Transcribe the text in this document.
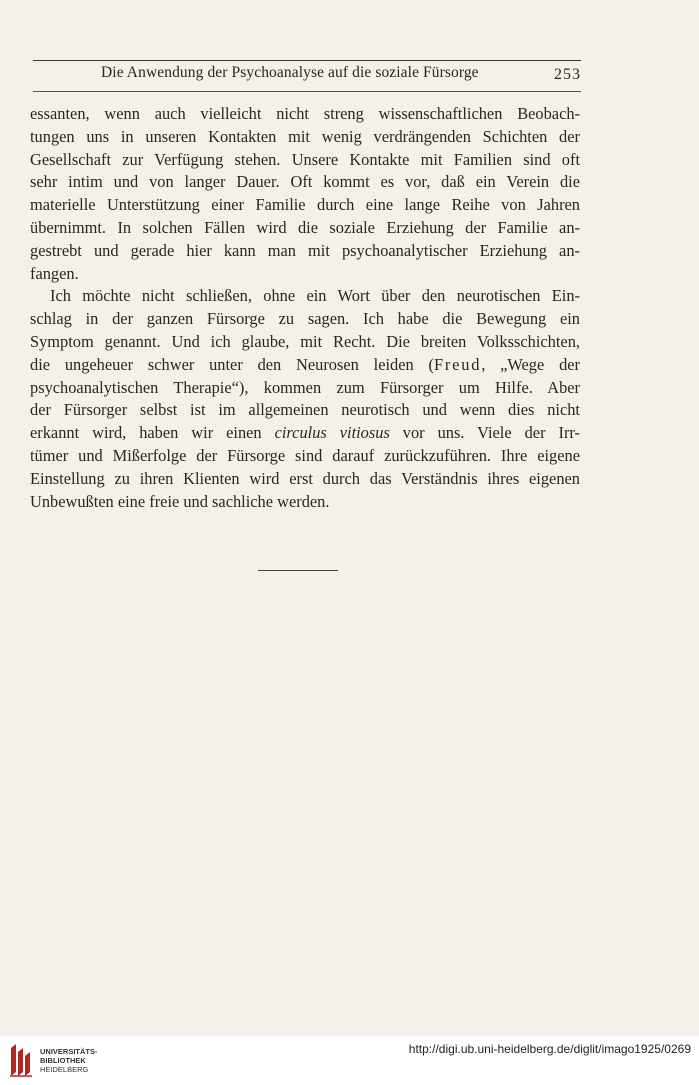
Die Anwendung der Psychoanalyse auf die soziale Fürsorge	253
essanten, wenn auch vielleicht nicht streng wissenschaftlichen Beobach-
tungen uns in unseren Kontakten mit wenig verdrängenden Schichten der
Gesellschaft zur Verfügung stehen. Unsere Kontakte mit Familien sind oft
sehr intim und von langer Dauer. Oft kommt es vor, daß ein Verein die
materielle Unterstützung einer Familie durch eine lange Reihe von Jahren
übernimmt. In solchen Fällen wird die soziale Erziehung der Familie an-
gestrebt und gerade hier kann man mit psychoanalytischer Erziehung an-
fangen.
Ich möchte nicht schließen, ohne ein Wort über den neurotischen Ein-
schlag in der ganzen Fürsorge zu sagen. Ich habe die Bewegung ein
Symptom genannt. Und ich glaube, mit Recht. Die breiten Volksschichten,
die ungeheuer schwer unter den Neurosen leiden (Freud, „Wege der
psychoanalytischen Therapie“), kommen zum Fürsorger um Hilfe. Aber
der Fürsorger selbst ist im allgemeinen neurotisch und wenn dies nicht
erkannt wird, haben wir einen circulus vitiosus vor uns. Viele der Irr-
tümer und Mißerfolge der Fürsorge sind darauf zurückzuführen. Ihre eigene
Einstellung zu ihren Klienten wird erst durch das Verständnis ihres eigenen
Unbewußten eine freie und sachliche werden.
UNIVERSITÄTS-
BIBLIOTHEK
HEIDELBERG
http://digi.ub.uni-heidelberg.de/diglit/imago1925/0269
